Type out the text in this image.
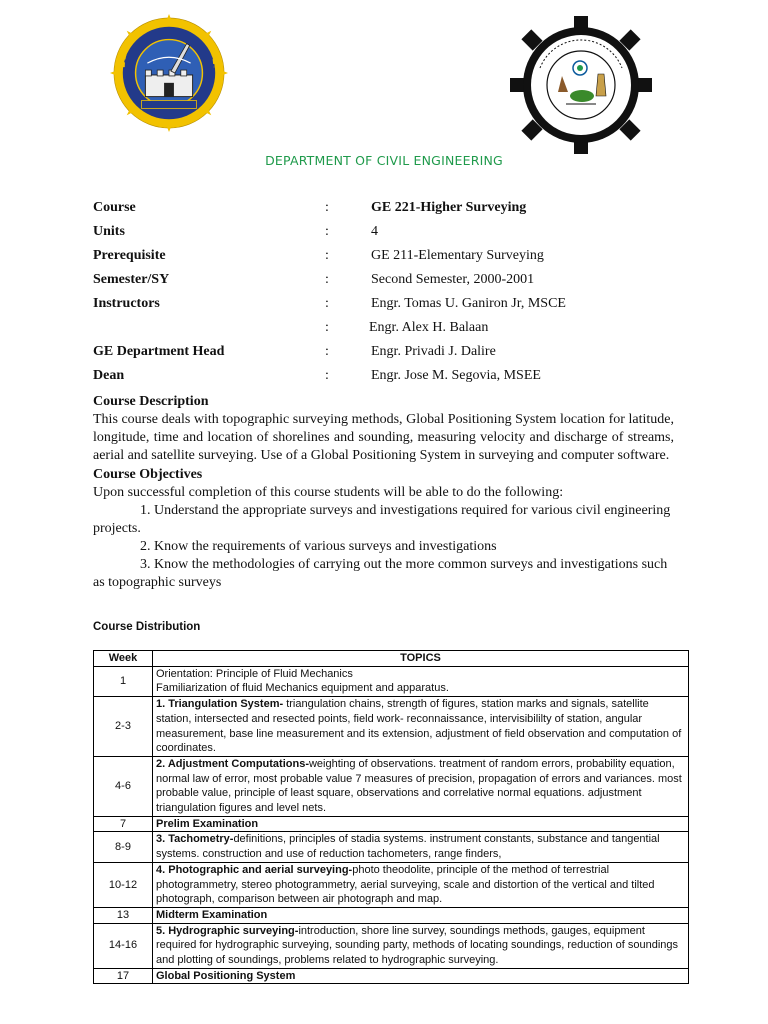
DEPARTMENT OF CIVIL ENGINEERING
Course	:	GE 221-Higher Surveying
Units	:	4
Prerequisite	:	GE 211-Elementary Surveying
Semester/SY	:	Second Semester, 2000-2001
Instructors	:	Engr. Tomas U. Ganiron Jr, MSCE
:	Engr. Alex H. Balaan
GE Department Head	:	Engr. Privadi J. Dalire
Dean	:	Engr. Jose M. Segovia, MSEE

Course Description

This course deals with topographic surveying methods, Global Positioning System location for latitude, longitude, time and location of shorelines and sounding, measuring velocity and discharge of streams, aerial and satellite surveying. Use of a Global Positioning System in surveying and computer software.

Course Objectives

Upon successful completion of this course students will be able to do the following:

1. Understand the appropriate surveys and investigations required for various civil engineering projects.

2. Know the requirements of various surveys and investigations

3. Know the methodologies of carrying out the more common surveys and investigations such as topographic surveys

Course Distribution
Week	TOPICS
1	Orientation: Principle of Fluid Mechanics
Familiarization of fluid Mechanics equipment and apparatus.

2-3	1. Triangulation System- triangulation chains, strength of figures, station marks and signals, satellite station, intersected and resected points, field work- reconnaissance, intervisibililty of station, angular measurement, base line measurement and its extension, adjustment of field observation and computation of coordinates.
4-6	2. Adjustment Computations-weighting of observations. treatment of random errors, probability equation, normal law of error, most probable value 7 measures of precision, propagation of errors and variances. most probable value, principle of least square, observations and correlative normal equations. adjustment triangulation figures and level nets.
7	Prelim Examination
8-9	3. Tachometry-definitions, principles of stadia systems. instrument constants, substance and tangential systems. construction and use of reduction tachometers, range finders,
10-12	4. Photographic and aerial surveying-photo theodolite, principle of the method of terrestrial photogrammetry, stereo photogrammetry, aerial surveying, scale and distortion of the vertical and tilted photograph, comparison between air photograph and map.
13	Midterm Examination
14-16	5. Hydrographic surveying-introduction, shore line survey, soundings methods, gauges, equipment required for hydrographic surveying, sounding party, methods of locating soundings, reduction of soundings and plotting of soundings, problems related to hydrographic surveying.
17	Global Positioning System
